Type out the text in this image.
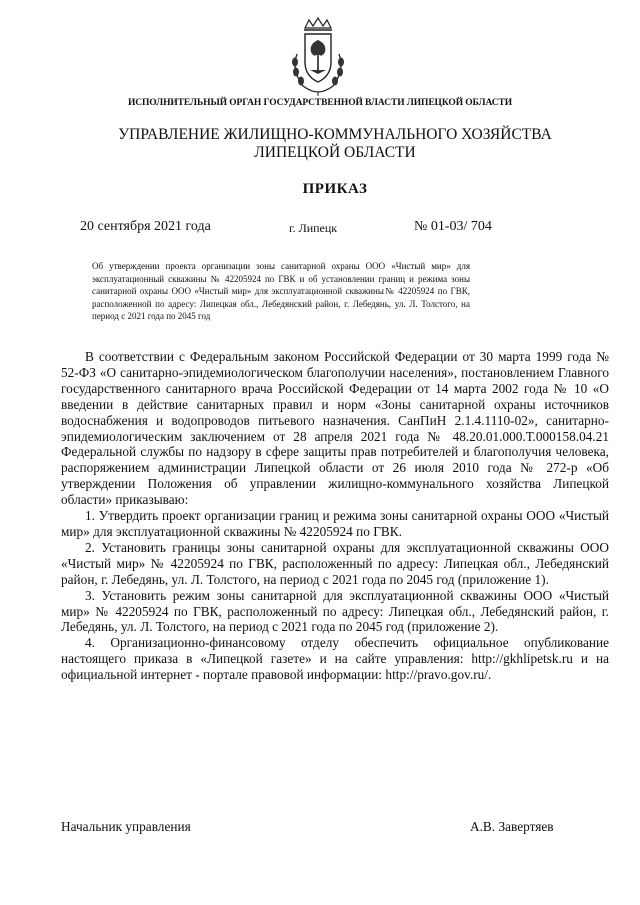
ИСПОЛНИТЕЛЬНЫЙ ОРГАН ГОСУДАРСТВЕННОЙ ВЛАСТИ ЛИПЕЦКОЙ ОБЛАСТИ
УПРАВЛЕНИЕ ЖИЛИЩНО-КОММУНАЛЬНОГО ХОЗЯЙСТВА
ЛИПЕЦКОЙ ОБЛАСТИ
ПРИКАЗ
20 сентября 2021 года	г. Липецк	№ 01-03/ 704
Об утверждении проекта организации зоны санитарной охраны ООО «Чистый мир» для эксплуатационный скважины № 42205924 по ГВК и об установлении границ и режима зоны санитарной охраны ООО «Чистый мир» для эксплуатационной скважины№ 42205924 по ГВК, расположенной по адресу: Липецкая обл., Лебедянский район, г. Лебедянь, ул. Л. Толстого, на период с 2021 года по 2045 год

В соответствии с Федеральным законом Российской Федерации от 30 марта 1999 года № 52-ФЗ «О санитарно-эпидемиологическом благополучии населения», постановлением Главного государственного санитарного врача Российской Федерации от 14 марта 2002 года № 10 «О введении в действие санитарных правил и норм «Зоны санитарной охраны источников водоснабжения и водопроводов питьевого назначения. СанПиН 2.1.4.1110-02», санитарно-эпидемиологическим заключением от 28 апреля 2021 года № 48.20.01.000.Т.000158.04.21 Федеральной службы по надзору в сфере защиты прав потребителей и благополучия человека, распоряжением администрации Липецкой области от 26 июля 2010 года № 272-р «Об утверждении Положения об управлении жилищно-коммунального хозяйства Липецкой области» приказываю:

1. Утвердить проект организации границ и режима зоны санитарной охраны ООО «Чистый мир» для эксплуатационной скважины № 42205924 по ГВК.

2. Установить границы зоны санитарной охраны для эксплуатационной скважины ООО «Чистый мир» № 42205924 по ГВК, расположенный по адресу: Липецкая обл., Лебедянский район, г. Лебедянь, ул. Л. Толстого, на период с 2021 года по 2045 год (приложение 1).

3. Установить режим зоны санитарной для эксплуатационной скважины ООО «Чистый мир» № 42205924 по ГВК, расположенный по адресу: Липецкая обл., Лебедянский район, г. Лебедянь, ул. Л. Толстого, на период с 2021 года по 2045 год (приложение 2).

4. Организационно-финансовому отделу обеспечить официальное опубликование настоящего приказа в «Липецкой газете» и на сайте управления: http://gkhlipetsk.ru и на официальной интернет - портале правовой информации: http://pravo.gov.ru/.

Начальник управления	А.В. Завертяев
